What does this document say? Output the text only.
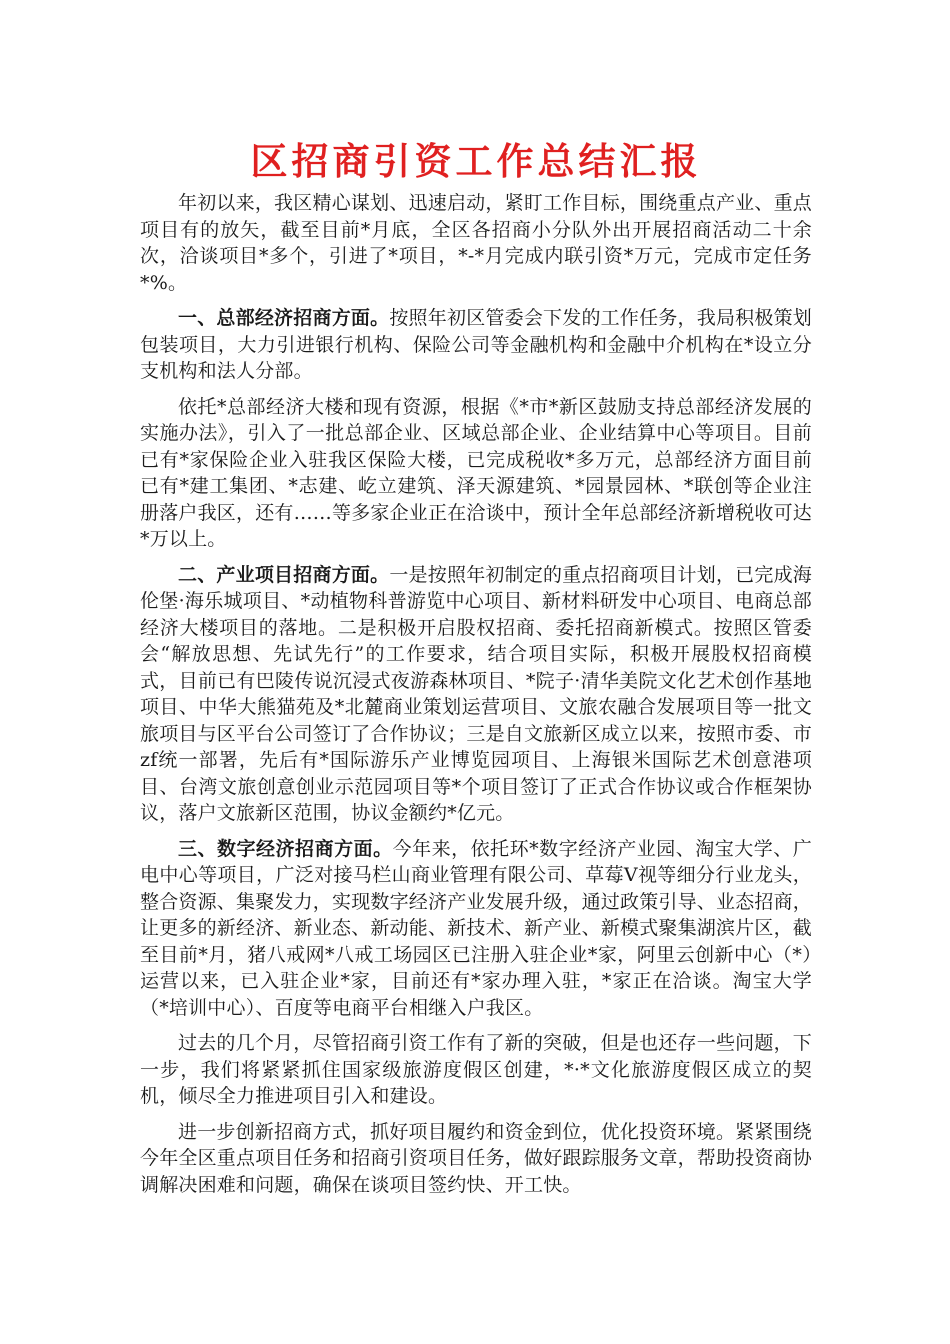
区招商引资工作总结汇报

年初以来，我区精心谋划、迅速启动，紧盯工作目标，围绕重点产业、重点项目有的放矢，截至目前*月底，全区各招商小分队外出开展招商活动二十余次，洽谈项目*多个，引进了*项目，*-*月完成内联引资*万元，完成市定任务*%。

一、总部经济招商方面。按照年初区管委会下发的工作任务，我局积极策划包装项目，大力引进银行机构、保险公司等金融机构和金融中介机构在*设立分支机构和法人分部。

依托*总部经济大楼和现有资源，根据《*市*新区鼓励支持总部经济发展的实施办法》，引入了一批总部企业、区域总部企业、企业结算中心等项目。目前已有*家保险企业入驻我区保险大楼，已完成税收*多万元，总部经济方面目前已有*建工集团、*志建、屹立建筑、泽天源建筑、*园景园林、*联创等企业注册落户我区，还有……等多家企业正在洽谈中，预计全年总部经济新增税收可达*万以上。

二、产业项目招商方面。一是按照年初制定的重点招商项目计划，已完成海伦堡·海乐城项目、*动植物科普游览中心项目、新材料研发中心项目、电商总部经济大楼项目的落地。二是积极开启股权招商、委托招商新模式。按照区管委会“解放思想、先试先行”的工作要求，结合项目实际，积极开展股权招商模式，目前已有巴陵传说沉浸式夜游森林项目、*院子·清华美院文化艺术创作基地项目、中华大熊猫苑及*北麓商业策划运营项目、文旅农融合发展项目等一批文旅项目与区平台公司签订了合作协议；三是自文旅新区成立以来，按照市委、市zf统一部署，先后有*国际游乐产业博览园项目、上海银米国际艺术创意港项目、台湾文旅创意创业示范园项目等*个项目签订了正式合作协议或合作框架协议，落户文旅新区范围，协议金额约*亿元。

三、数字经济招商方面。今年来，依托环*数字经济产业园、淘宝大学、广电中心等项目，广泛对接马栏山商业管理有限公司、草莓V视等细分行业龙头，整合资源、集聚发力，实现数字经济产业发展升级，通过政策引导、业态招商，让更多的新经济、新业态、新动能、新技术、新产业、新模式聚集湖滨片区，截至目前*月，猪八戒网*八戒工场园区已注册入驻企业*家，阿里云创新中心（*）运营以来，已入驻企业*家，目前还有*家办理入驻，*家正在洽谈。淘宝大学（*培训中心）、百度等电商平台相继入户我区。

过去的几个月，尽管招商引资工作有了新的突破，但是也还存一些问题，下一步，我们将紧紧抓住国家级旅游度假区创建，*·*文化旅游度假区成立的契机，倾尽全力推进项目引入和建设。

进一步创新招商方式，抓好项目履约和资金到位，优化投资环境。紧紧围绕今年全区重点项目任务和招商引资项目任务，做好跟踪服务文章，帮助投资商协调解决困难和问题，确保在谈项目签约快、开工快。
